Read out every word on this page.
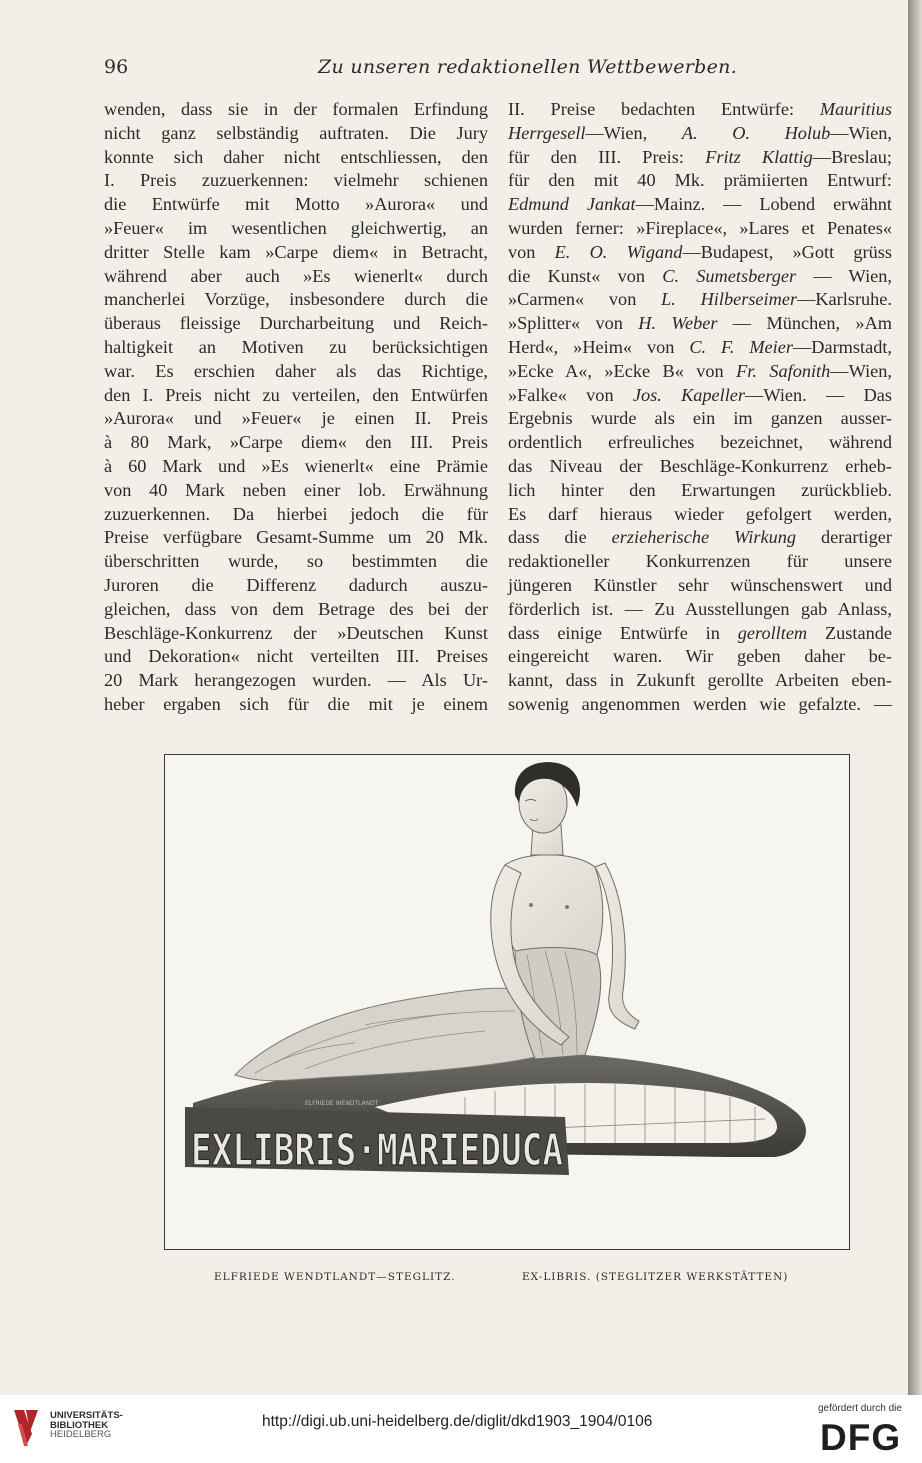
96	Zu unseren redaktionellen Wettbewerben.
wenden, dass sie in der formalen Erfindung
nicht ganz selbständig auftraten. Die Jury
konnte sich daher nicht entschliessen, den
I. Preis zuzuerkennen: vielmehr schienen
die Entwürfe mit Motto »Aurora« und
»Feuer« im wesentlichen gleichwertig, an
dritter Stelle kam »Carpe diem« in Betracht,
während aber auch »Es wienerlt« durch
mancherlei Vorzüge, insbesondere durch die
überaus fleissige Durcharbeitung und Reich-
haltigkeit an Motiven zu berücksichtigen
war. Es erschien daher als das Richtige,
den I. Preis nicht zu verteilen, den Entwürfen
»Aurora« und »Feuer« je einen II. Preis
à 80 Mark, »Carpe diem« den III. Preis
à 60 Mark und »Es wienerlt« eine Prämie
von 40 Mark neben einer lob. Erwähnung
zuzuerkennen. Da hierbei jedoch die für
Preise verfügbare Gesamt-Summe um 20 Mk.
überschritten wurde, so bestimmten die
Juroren die Differenz dadurch auszu-
gleichen, dass von dem Betrage des bei der
Beschläge-Konkurrenz der »Deutschen Kunst
und Dekoration« nicht verteilten III. Preises
20 Mark herangezogen wurden. — Als Ur-
heber ergaben sich für die mit je einem
II. Preise bedachten Entwürfe: Mauritius
Herrgesell—Wien, A. O. Holub—Wien,
für den III. Preis: Fritz Klattig—Breslau;
für den mit 40 Mk. prämiierten Entwurf:
Edmund Jankat—Mainz. — Lobend erwähnt
wurden ferner: »Fireplace«, »Lares et Penates«
von E. O. Wigand—Budapest, »Gott grüss
die Kunst« von C. Sumetsberger — Wien,
»Carmen« von L. Hilberseimer—Karlsruhe.
»Splitter« von H. Weber — München, »Am
Herd«, »Heim« von C. F. Meier—Darmstadt,
»Ecke A«, »Ecke B« von Fr. Safonith—Wien,
»Falke« von Jos. Kapeller—Wien. — Das
Ergebnis wurde als ein im ganzen ausser-
ordentlich erfreuliches bezeichnet, während
das Niveau der Beschläge-Konkurrenz erheb-
lich hinter den Erwartungen zurückblieb.
Es darf hieraus wieder gefolgert werden,
dass die erzieherische Wirkung derartiger
redaktioneller Konkurrenzen für unsere
jüngeren Künstler sehr wünschenswert und
förderlich ist. — Zu Ausstellungen gab Anlass,
dass einige Entwürfe in gerolltem Zustande
eingereicht waren. Wir geben daher be-
kannt, dass in Zukunft gerollte Arbeiten eben-
sowenig angenommen werden wie gefalzte. —
EXLIBRIS·MARIEDUCA
ELFRIEDE WENDTLANDT
ELFRIEDE WENDTLANDT—STEGLITZ.	EX-LIBRIS. (STEGLITZER WERKSTÄTTEN)
UNIVERSITÄTS-
BIBLIOTHEK
HEIDELBERG
http://digi.ub.uni-heidelberg.de/diglit/dkd1903_1904/0106
gefördert durch die
DFG
